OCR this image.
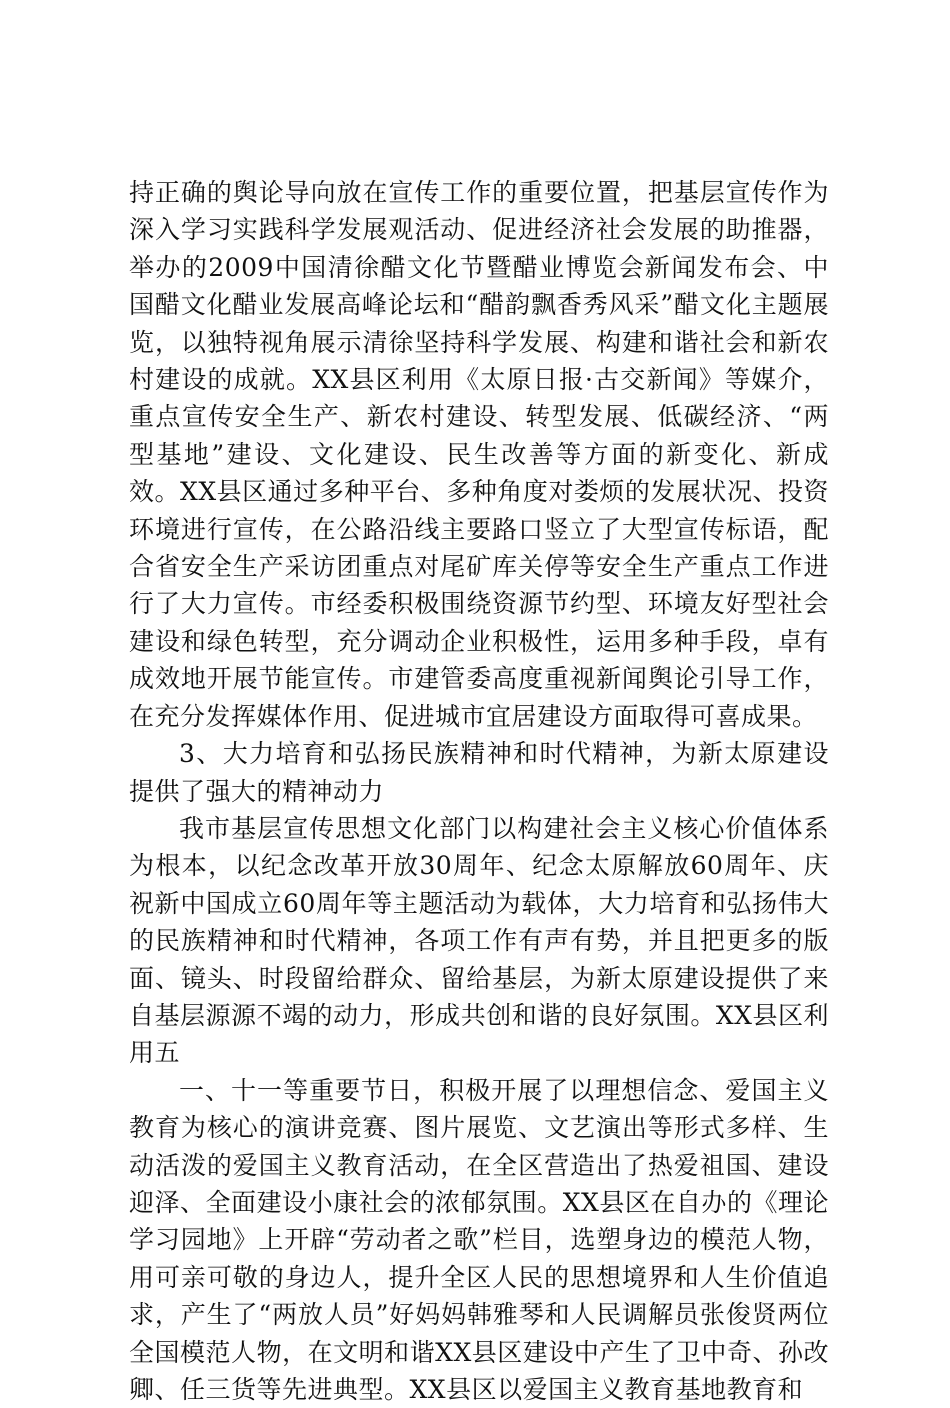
持正确的舆论导向放在宣传工作的重要位置，把基层宣传作为深入学习实践科学发展观活动、促进经济社会发展的助推器，举办的2009中国清徐醋文化节暨醋业博览会新闻发布会、中国醋文化醋业发展高峰论坛和“醋韵飘香秀风采”醋文化主题展览，以独特视角展示清徐坚持科学发展、构建和谐社会和新农村建设的成就。XX县区利用《太原日报·古交新闻》等媒介，重点宣传安全生产、新农村建设、转型发展、低碳经济、“两型基地”建设、文化建设、民生改善等方面的新变化、新成效。XX县区通过多种平台、多种角度对娄烦的发展状况、投资环境进行宣传，在公路沿线主要路口竖立了大型宣传标语，配合省安全生产采访团重点对尾矿库关停等安全生产重点工作进行了大力宣传。市经委积极围绕资源节约型、环境友好型社会建设和绿色转型，充分调动企业积极性，运用多种手段，卓有成效地开展节能宣传。市建管委高度重视新闻舆论引导工作，在充分发挥媒体作用、促进城市宜居建设方面取得可喜成果。

3、大力培育和弘扬民族精神和时代精神，为新太原建设提供了强大的精神动力

我市基层宣传思想文化部门以构建社会主义核心价值体系为根本，以纪念改革开放30周年、纪念太原解放60周年、庆祝新中国成立60周年等主题活动为载体，大力培育和弘扬伟大的民族精神和时代精神，各项工作有声有势，并且把更多的版面、镜头、时段留给群众、留给基层，为新太原建设提供了来自基层源源不竭的动力，形成共创和谐的良好氛围。XX县区利用五

一、十一等重要节日，积极开展了以理想信念、爱国主义教育为核心的演讲竞赛、图片展览、文艺演出等形式多样、生动活泼的爱国主义教育活动，在全区营造出了热爱祖国、建设迎泽、全面建设小康社会的浓郁氛围。XX县区在自办的《理论学习园地》上开辟“劳动者之歌”栏目，选塑身边的模范人物，用可亲可敬的身边人，提升全区人民的思想境界和人生价值追求，产生了“两放人员”好妈妈韩雅琴和人民调解员张俊贤两位全国模范人物，在文明和谐XX县区建设中产生了卫中奇、孙改卿、任三货等先进典型。XX县区以爱国主义教育基地教育和
